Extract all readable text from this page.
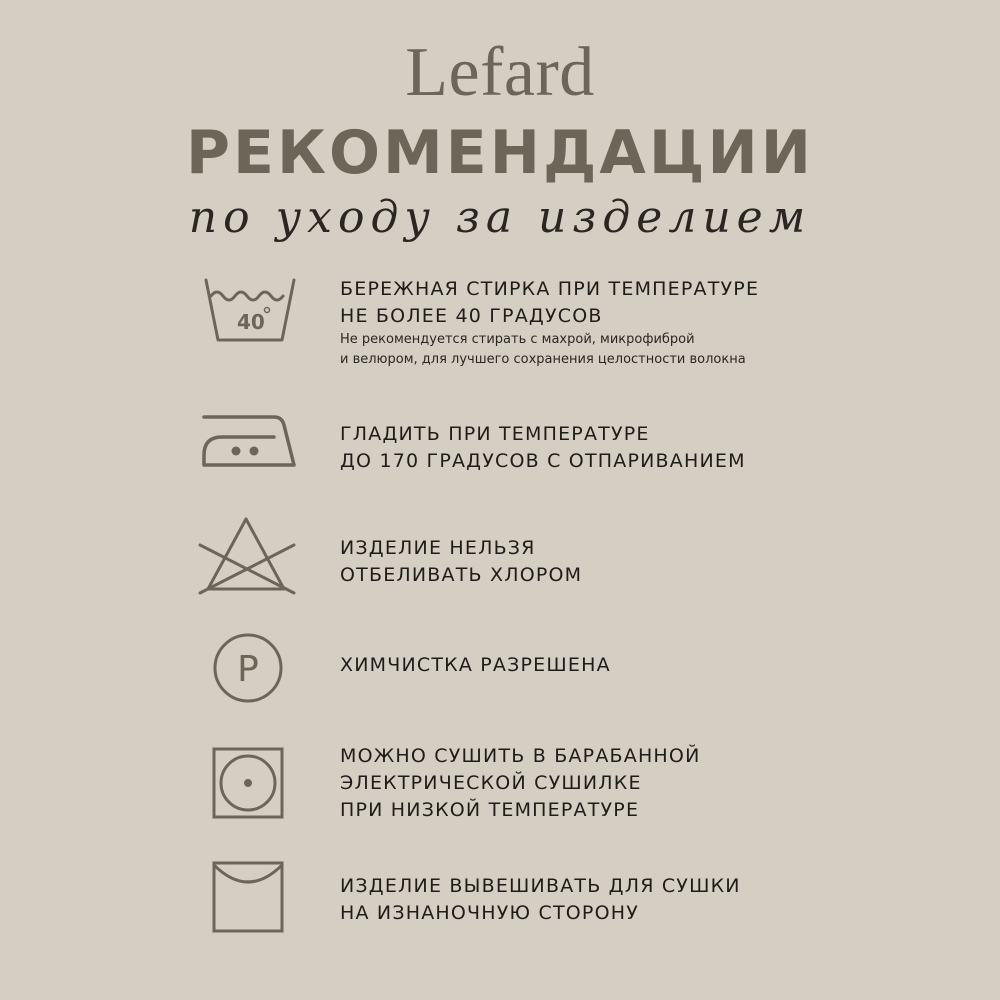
Lefard
РЕКОМЕНДАЦИИ
по уходу за изделием
40
БЕРЕЖНАЯ СТИРКА ПРИ ТЕМПЕРАТУРЕ
НЕ БОЛЕЕ 40 ГРАДУСОВ
Не рекомендуется стирать с махрой, микрофиброй
и велюром, для лучшего сохранения целостности волокна
ГЛАДИТЬ ПРИ ТЕМПЕРАТУРЕ
ДО 170 ГРАДУСОВ С ОТПАРИВАНИЕМ
ИЗДЕЛИЕ НЕЛЬЗЯ
ОТБЕЛИВАТЬ ХЛОРОМ
P	ХИМЧИСТКА РАЗРЕШЕНА
МОЖНО СУШИТЬ В БАРАБАННОЙ
ЭЛЕКТРИЧЕСКОЙ СУШИЛКЕ
ПРИ НИЗКОЙ ТЕМПЕРАТУРЕ
ИЗДЕЛИЕ ВЫВЕШИВАТЬ ДЛЯ СУШКИ
НА ИЗНАНОЧНУЮ СТОРОНУ
